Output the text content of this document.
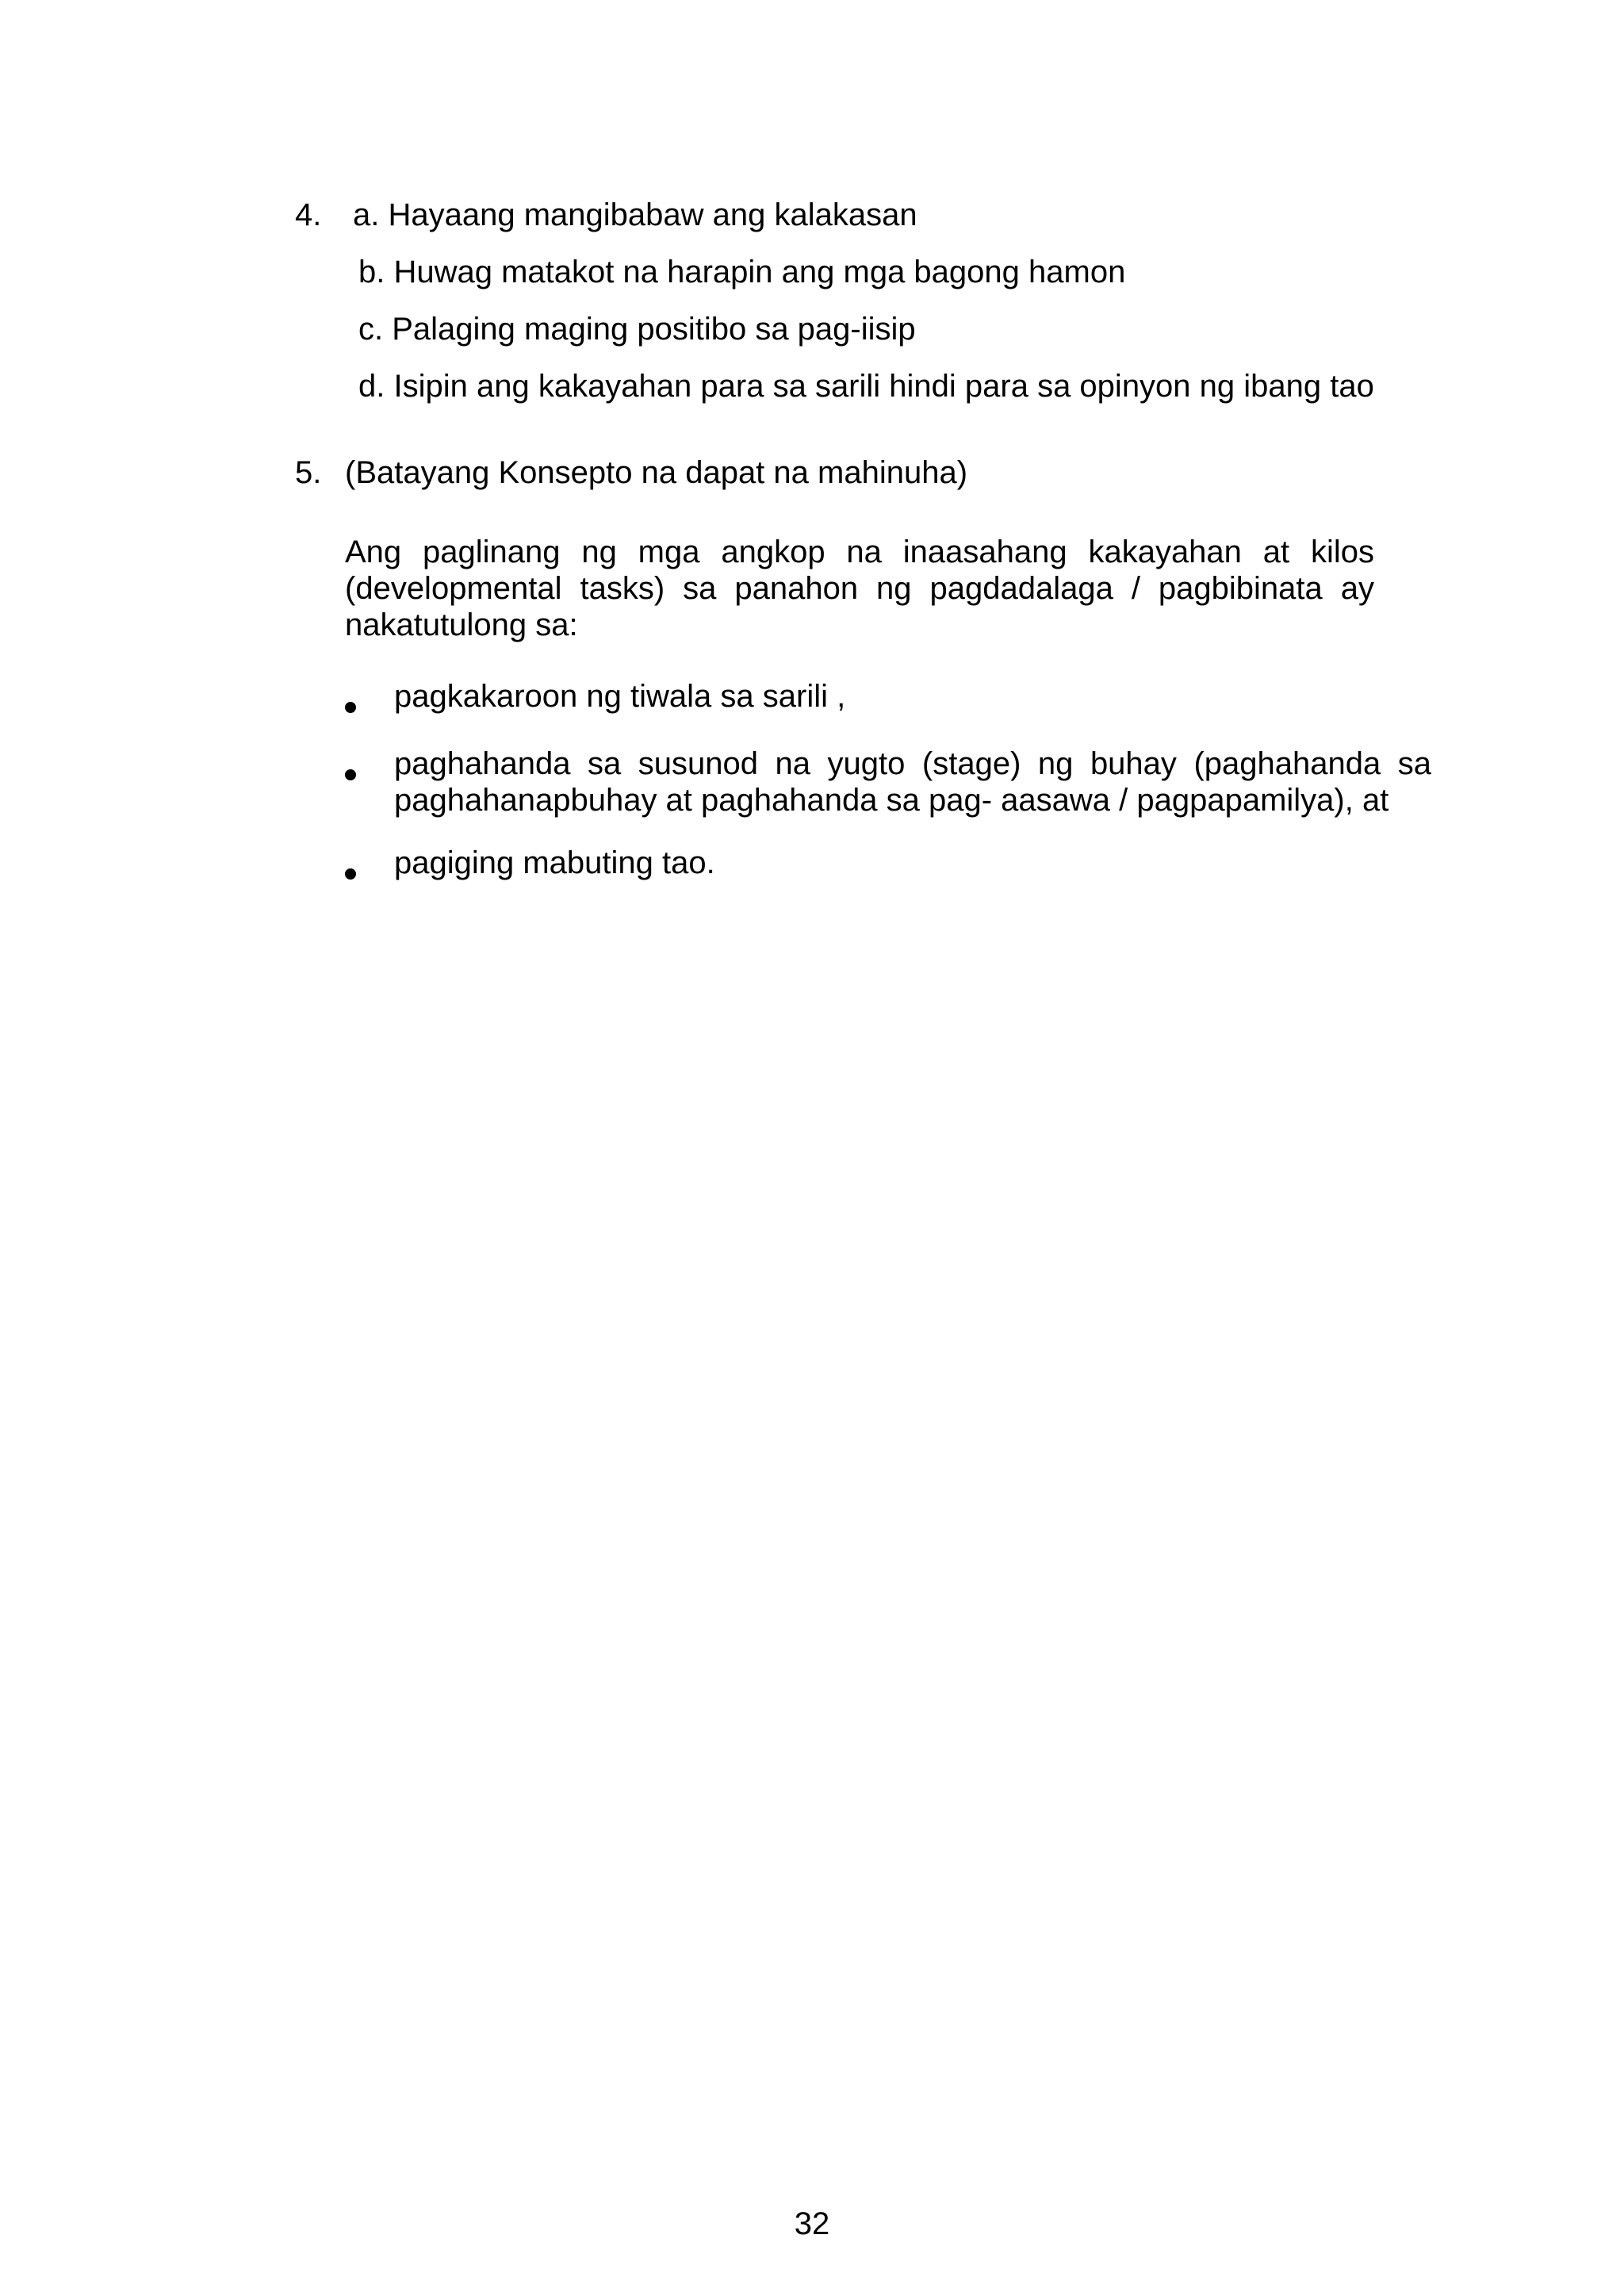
4. a. Hayaang mangibabaw ang kalakasan
b. Huwag matakot na harapin ang mga bagong hamon
c. Palaging maging positibo sa pag-iisip
d. Isipin ang kakayahan para sa sarili hindi para sa opinyon ng ibang tao
5. (Batayang Konsepto na dapat na mahinuha)
Ang paglinang ng mga angkop na inaasahang kakayahan at kilos (developmental tasks) sa panahon ng pagdadalaga / pagbibinata ay nakatutulong sa:
pagkakaroon ng tiwala sa sarili ,
paghahanda sa susunod na yugto (stage) ng buhay (paghahanda sa paghahanapbuhay at paghahanda sa pag- aasawa / pagpapamilya), at
pagiging mabuting tao.
32
